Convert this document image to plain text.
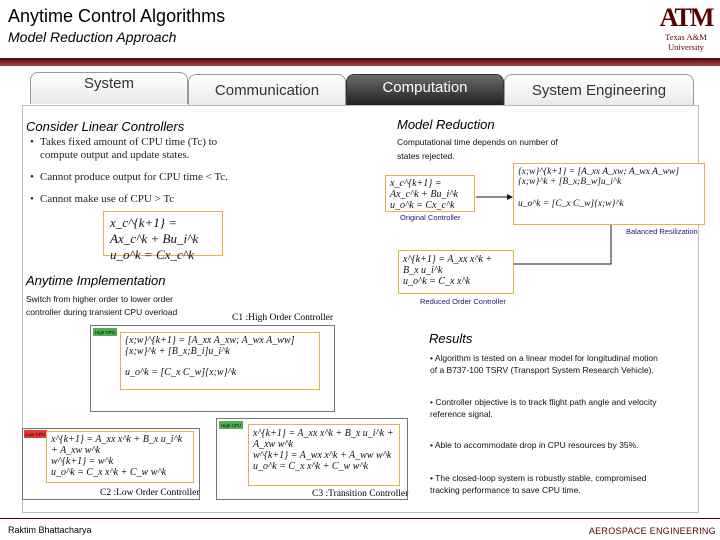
Anytime Control Algorithms
Model Reduction Approach
ATM
Texas A&M
University
System	Communication	Computation	System Engineering
Consider Linear Controllers
• Takes fixed amount of CPU time (Tc) to compute output and update states.
• Cannot produce output for CPU time < Tc.
• Cannot make use of CPU > Tc
x_c^{k+1} = Ax_c^k + Bu_i^k
u_o^k = Cx_c^k
Anytime Implementation
Switch from higher order to lower order
controller during transient CPU overload
C1 :High Order Controller
High CPU
{x;w}^{k+1} = [A_xx A_xw; A_wx A_ww]{x;w}^k + [B_x;B_i]u_i^k
u_o^k = [C_x C_w]{x;w}^k
Low CPU x^{k+1} = A_xx x^k + B_x u_i^k + A_xw w^k
w^{k+1} = w^k
u_o^k = C_x x^k + C_w w^k
C2 :Low Order Controller
High CPU
x^{k+1} = A_xx x^k + B_x u_i^k + A_xw w^k
w^{k+1} = A_wx x^k + A_ww w^k
u_o^k = C_x x^k + C_w w^k
C3 :Transition Controller
Model Reduction
Computational time depends on number of
states rejected.
x_c^{k+1} = Ax_c^k + Bu_i^k
u_o^k = Cx_c^k
Original Controller
{x;w}^{k+1} = [A_xx A_xw; A_wx A_ww]{x;w}^k + [B_x;B_w]u_i^k
u_o^k = [C_x C_w]{x;w}^k
Balanced Resilization
x^{k+1} = A_xx x^k + B_x u_i^k
u_o^k = C_x x^k
Reduced Order Controller
Results
• Algorithm is tested on a linear model for longitudinal motion
of a B737-100 TSRV (Transport System Research Vehicle).
• Controller objective is to track flight path angle and velocity
reference signal.
• Able to accommodate drop in CPU resources by 35%.
• The closed-loop system is robustly stable, compromised
tracking performance to save CPU time.
Raktim Bhattacharya	AEROSPACE ENGINEERING
